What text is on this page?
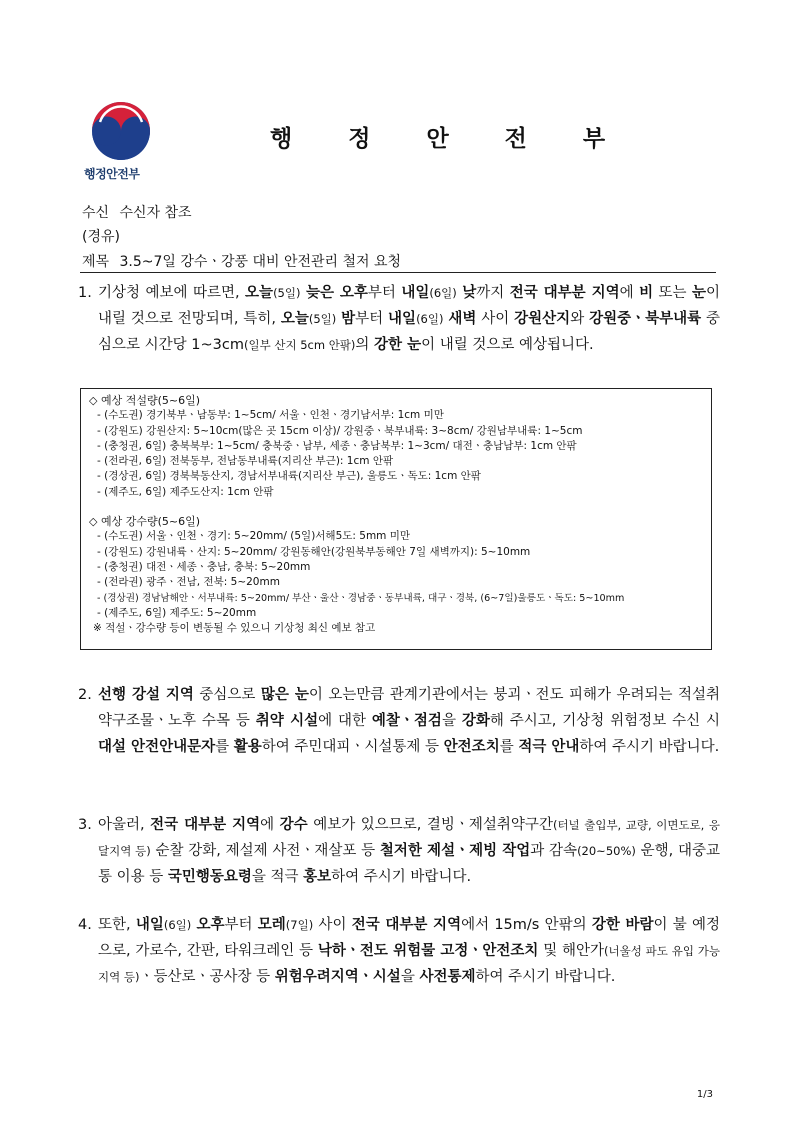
행정안전부
행 정 안 전 부
수신 수신자 참조
(경유)
제목 3.5~7일 강수ㆍ강풍 대비 안전관리 철저 요청
1. 기상청 예보에 따르면, 오늘(5일) 늦은 오후부터 내일(6일) 낮까지 전국 대부분 지역에 비 또는 눈이 내릴 것으로 전망되며, 특히, 오늘(5일) 밤부터 내일(6일) 새벽 사이 강원산지와 강원중ㆍ북부내륙 중심으로 시간당 1~3cm(일부 산지 5cm 안팎)의 강한 눈이 내릴 것으로 예상됩니다.
◇ 예상 적설량(5~6일)
- (수도권) 경기북부ㆍ남동부: 1~5cm/ 서울ㆍ인천ㆍ경기남서부: 1cm 미만
- (강원도) 강원산지: 5~10cm(많은 곳 15cm 이상)/ 강원중ㆍ북부내륙: 3~8cm/ 강원남부내륙: 1~5cm
- (충청권, 6일) 충북북부: 1~5cm/ 충북중ㆍ남부, 세종ㆍ충남북부: 1~3cm/ 대전ㆍ충남남부: 1cm 안팎
- (전라권, 6일) 전북동부, 전남동부내륙(지리산 부근): 1cm 안팎
- (경상권, 6일) 경북북동산지, 경남서부내륙(지리산 부근), 울릉도ㆍ독도: 1cm 안팎
- (제주도, 6일) 제주도산지: 1cm 안팎
◇ 예상 강수량(5~6일)
- (수도권) 서울ㆍ인천ㆍ경기: 5~20mm/ (5일)서해5도: 5mm 미만
- (강원도) 강원내륙ㆍ산지: 5~20mm/ 강원동해안(강원북부동해안 7일 새벽까지): 5~10mm
- (충청권) 대전ㆍ세종ㆍ충남, 충북: 5~20mm
- (전라권) 광주ㆍ전남, 전북: 5~20mm
- (경상권) 경남남해안ㆍ서부내륙: 5~20mm/ 부산ㆍ울산ㆍ경남중ㆍ동부내륙, 대구ㆍ경북, (6~7일)울릉도ㆍ독도: 5~10mm
- (제주도, 6일) 제주도: 5~20mm
※ 적설ㆍ강수량 등이 변동될 수 있으니 기상청 최신 예보 참고
2. 선행 강설 지역 중심으로 많은 눈이 오는만큼 관계기관에서는 붕괴ㆍ전도 피해가 우려되는 적설취약구조물ㆍ노후 수목 등 취약 시설에 대한 예찰ㆍ점검을 강화해 주시고, 기상청 위험정보 수신 시 대설 안전안내문자를 활용하여 주민대피ㆍ시설통제 등 안전조치를 적극 안내하여 주시기 바랍니다.
3. 아울러, 전국 대부분 지역에 강수 예보가 있으므로, 결빙ㆍ제설취약구간(터널 출입부, 교량, 이면도로, 응달지역 등) 순찰 강화, 제설제 사전ㆍ재살포 등 철저한 제설ㆍ제빙 작업과 감속(20~50%) 운행, 대중교통 이용 등 국민행동요령을 적극 홍보하여 주시기 바랍니다.
4. 또한, 내일(6일) 오후부터 모레(7일) 사이 전국 대부분 지역에서 15m/s 안팎의 강한 바람이 불 예정으로, 가로수, 간판, 타워크레인 등 낙하ㆍ전도 위험물 고정ㆍ안전조치 및 해안가(너울성 파도 유입 가능 지역 등)ㆍ등산로ㆍ공사장 등 위험우려지역ㆍ시설을 사전통제하여 주시기 바랍니다.
1/3
